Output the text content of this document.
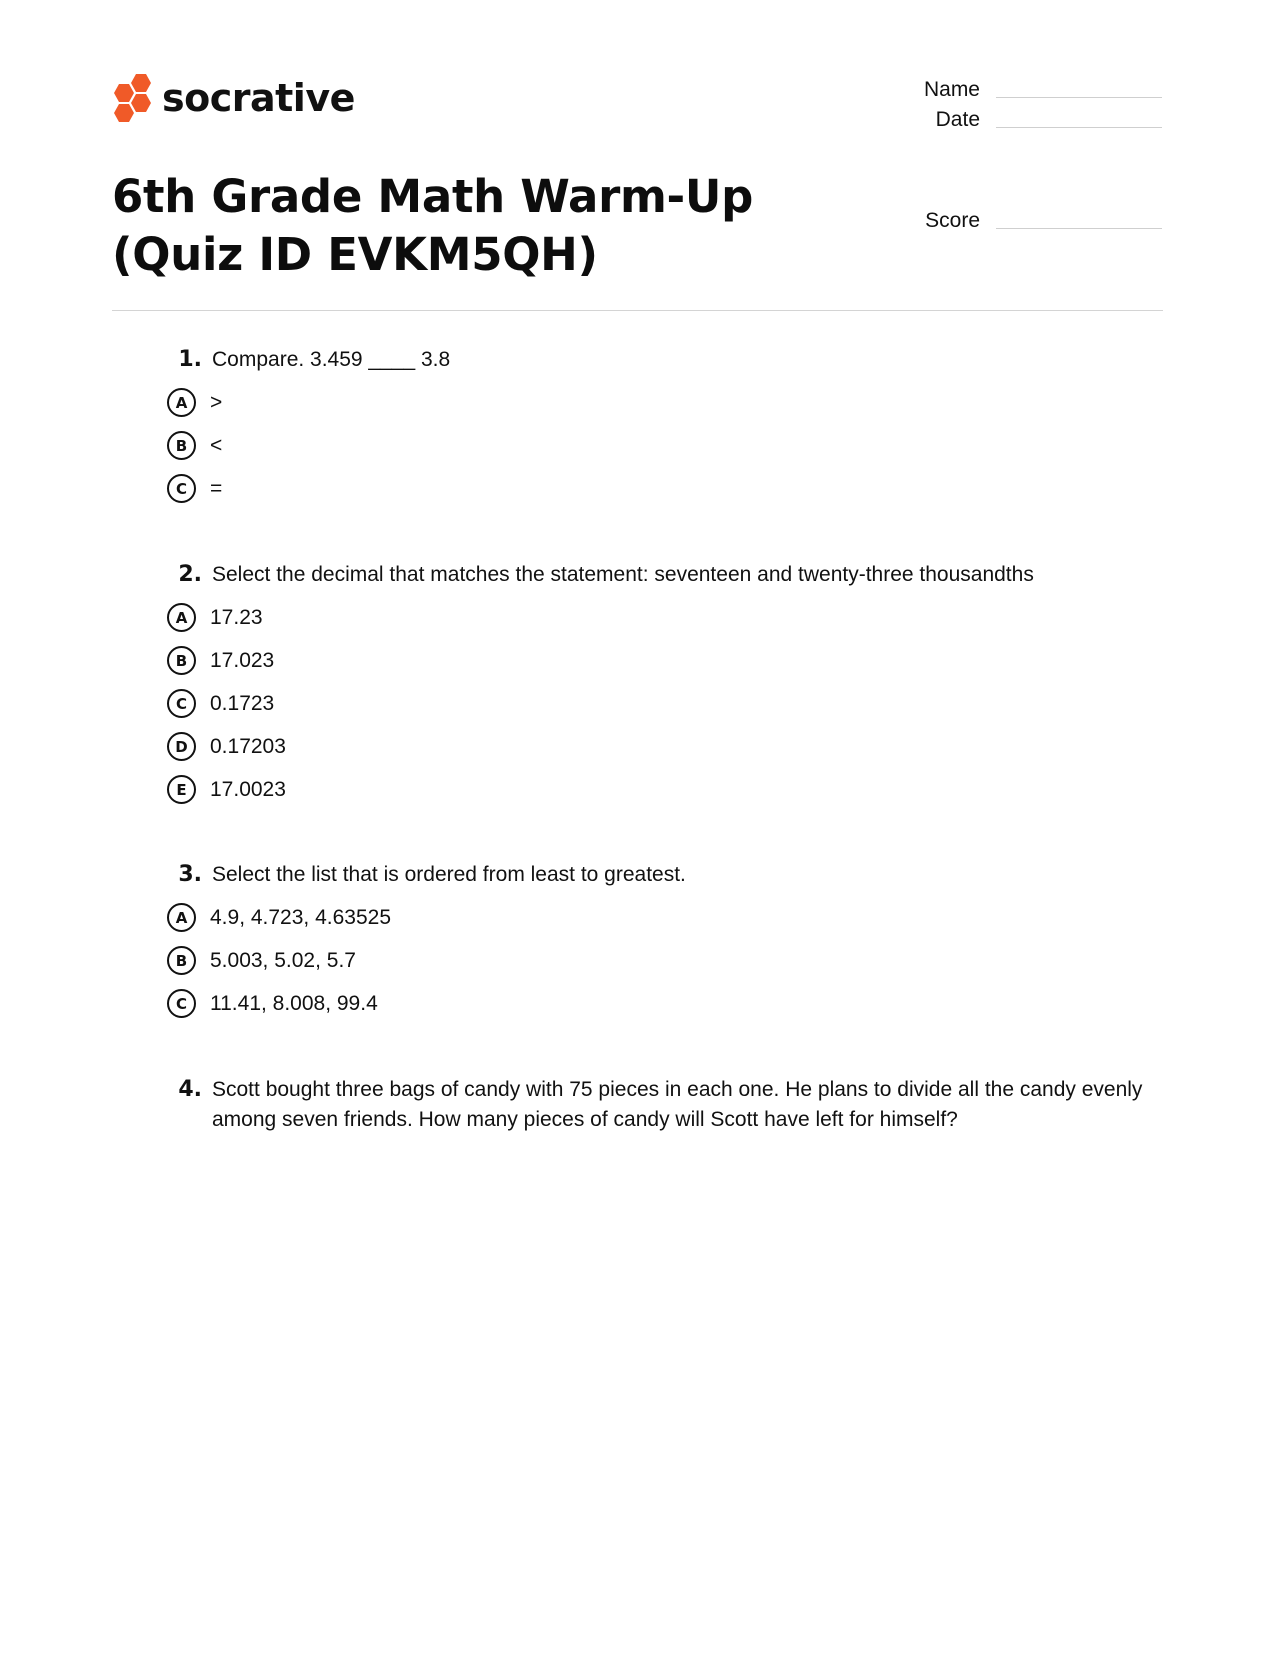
socrative	Name
Date
Score
6th Grade Math Warm-Up (Quiz ID EVKM5QH)
1. Compare. 3.459 ____ 3.8
A	>
B	<
C	=
2. Select the decimal that matches the statement: seventeen and twenty-three thousandths
A	17.23
B	17.023
C	0.1723
D	0.17203
E	17.0023
3. Select the list that is ordered from least to greatest.
A	4.9, 4.723, 4.63525
B	5.003, 5.02, 5.7
C	11.41, 8.008, 99.4
4. Scott bought three bags of candy with 75 pieces in each one. He plans to divide all the candy evenly among seven friends. How many pieces of candy will Scott have left for himself?
